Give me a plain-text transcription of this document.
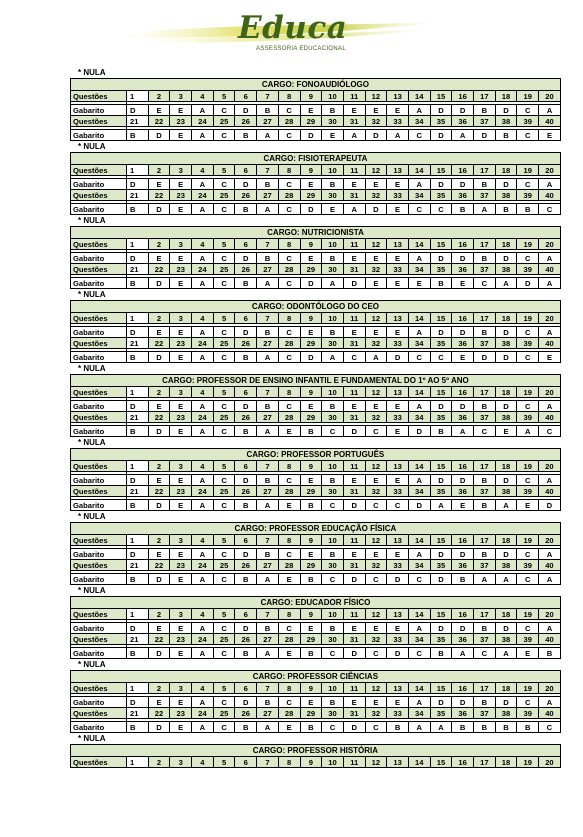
Educa
ASSESSORIA EDUCACIONAL
* NULA
CARGO: FONOAUDIÓLOGO																				
Questões	1	2	3	4	5	6	7	8	9	10	11	12	13	14	15	16	17	18	19	20

Gabarito	D	E	E	A	C	D	B	C	E	B	E	E	E	A	D	D	B	D	C	A
Questões	21	22	23	24	25	26	27	28	29	30	31	32	33	34	35	36	37	38	39	40

Gabarito	B	D	E	A	C	B	A	C	D	E	A	D	A	C	D	A	D	B	C	E
* NULA
CARGO: FISIOTERAPEUTA																				
Questões	1	2	3	4	5	6	7	8	9	10	11	12	13	14	15	16	17	18	19	20

Gabarito	D	E	E	A	C	D	B	C	E	B	E	E	E	A	D	D	B	D	C	A
Questões	21	22	23	24	25	26	27	28	29	30	31	32	33	34	35	36	37	38	39	40

Gabarito	B	D	E	A	C	B	A	C	D	E	A	D	E	C	C	B	A	B	B	C
* NULA
CARGO: NUTRICIONISTA																				
Questões	1	2	3	4	5	6	7	8	9	10	11	12	13	14	15	16	17	18	19	20

Gabarito	D	E	E	A	C	D	B	C	E	B	E	E	E	A	D	D	B	D	C	A
Questões	21	22	23	24	25	26	27	28	29	30	31	32	33	34	35	36	37	38	39	40

Gabarito	B	D	E	A	C	B	A	C	D	A	D	E	E	E	B	E	C	A	D	A
* NULA
CARGO: ODONTÓLOGO DO CEO																				
Questões	1	2	3	4	5	6	7	8	9	10	11	12	13	14	15	16	17	18	19	20

Gabarito	D	E	E	A	C	D	B	C	E	B	E	E	E	A	D	D	B	D	C	A
Questões	21	22	23	24	25	26	27	28	29	30	31	32	33	34	35	36	37	38	39	40

Gabarito	B	D	E	A	C	B	A	C	D	A	C	A	D	C	C	E	D	D	C	E
* NULA
CARGO: PROFESSOR DE ENSINO INFANTIL E FUNDAMENTAL DO 1º AO 5º ANO																				
Questões	1	2	3	4	5	6	7	8	9	10	11	12	13	14	15	16	17	18	19	20

Gabarito	D	E	E	A	C	D	B	C	E	B	E	E	E	A	D	D	B	D	C	A
Questões	21	22	23	24	25	26	27	28	29	30	31	32	33	34	35	36	37	38	39	40

Gabarito	B	D	E	A	C	B	A	E	B	C	D	C	E	D	B	A	C	E	A	C
* NULA
CARGO: PROFESSOR PORTUGUÊS																				
Questões	1	2	3	4	5	6	7	8	9	10	11	12	13	14	15	16	17	18	19	20

Gabarito	D	E	E	A	C	D	B	C	E	B	E	E	E	A	D	D	B	D	C	A
Questões	21	22	23	24	25	26	27	28	29	30	31	32	33	34	35	36	37	38	39	40

Gabarito	B	D	E	A	C	B	A	E	B	C	D	C	C	D	A	E	B	A	E	D
* NULA
CARGO: PROFESSOR EDUCAÇÃO FÍSICA																				
Questões	1	2	3	4	5	6	7	8	9	10	11	12	13	14	15	16	17	18	19	20

Gabarito	D	E	E	A	C	D	B	C	E	B	E	E	E	A	D	D	B	D	C	A
Questões	21	22	23	24	25	26	27	28	29	30	31	32	33	34	35	36	37	38	39	40

Gabarito	B	D	E	A	C	B	A	E	B	C	D	C	D	C	D	B	A	A	C	A
* NULA
CARGO: EDUCADOR FÍSICO																				
Questões	1	2	3	4	5	6	7	8	9	10	11	12	13	14	15	16	17	18	19	20

Gabarito	D	E	E	A	C	D	B	C	E	B	E	E	E	A	D	D	B	D	C	A
Questões	21	22	23	24	25	26	27	28	29	30	31	32	33	34	35	36	37	38	39	40

Gabarito	B	D	E	A	C	B	A	E	B	C	D	C	D	C	B	A	C	A	E	B
* NULA
CARGO: PROFESSOR CIÊNCIAS																				
Questões	1	2	3	4	5	6	7	8	9	10	11	12	13	14	15	16	17	18	19	20

Gabarito	D	E	E	A	C	D	B	C	E	B	E	E	E	A	D	D	B	D	C	A
Questões	21	22	23	24	25	26	27	28	29	30	31	32	33	34	35	36	37	38	39	40

Gabarito	B	D	E	A	C	B	A	E	B	C	D	C	B	A	A	B	B	B	B	C
* NULA
CARGO: PROFESSOR HISTÓRIA
Questões	1	2	3	4	5	6	7	8	9	10	11	12	13	14	15	16	17	18	19	20
